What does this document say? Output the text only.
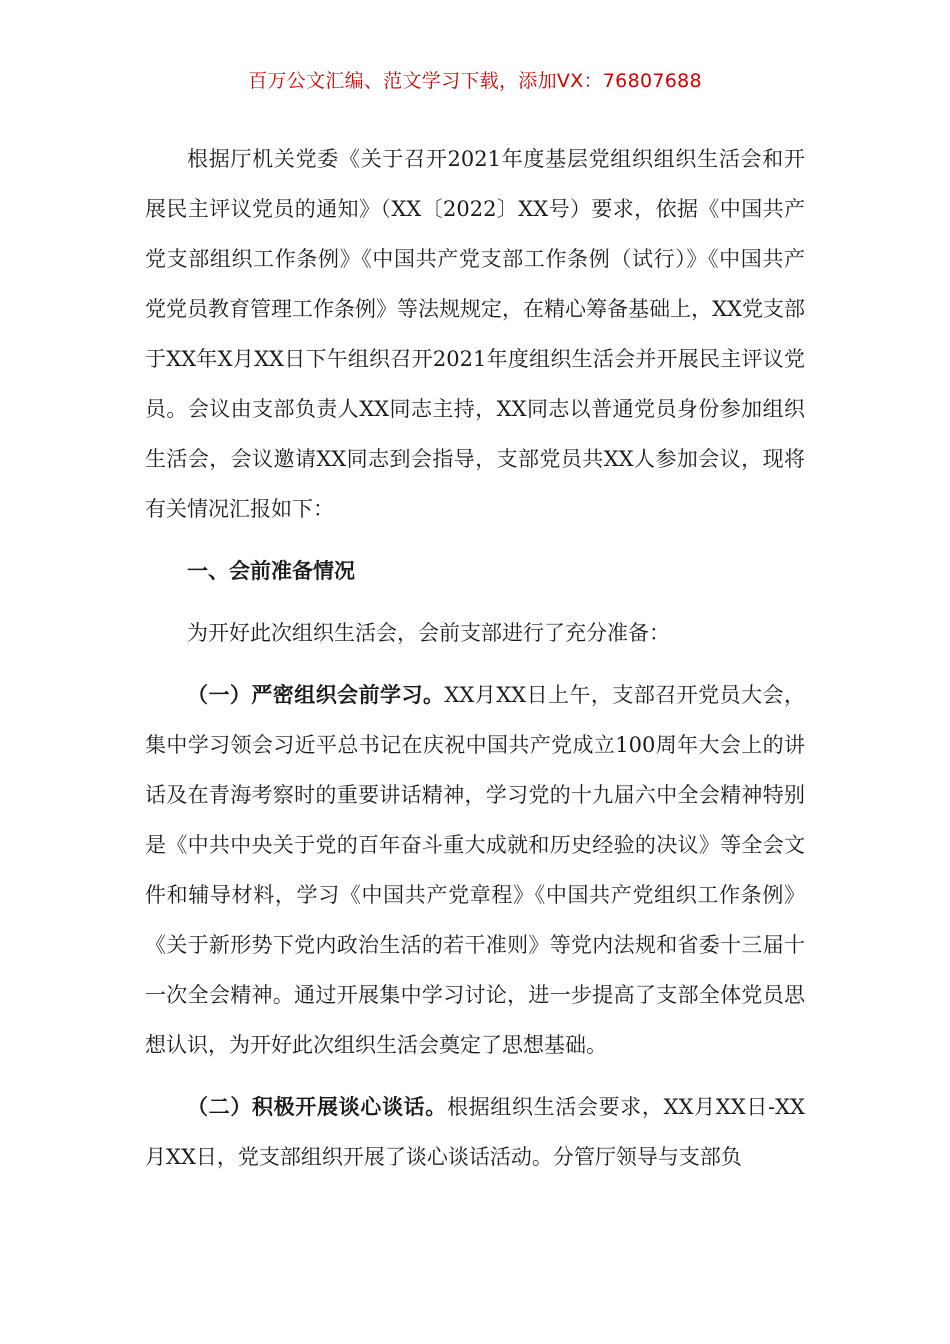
百万公文汇编、范文学习下载，添加VX：76807688

根据厅机关党委《关于召开2021年度基层党组织组织生活会和开展民主评议党员的通知》（XX〔2022〕XX号）要求，依据《中国共产党支部组织工作条例》《中国共产党支部工作条例（试行）》《中国共产党党员教育管理工作条例》等法规规定，在精心筹备基础上，XX党支部于XX年X月XX日下午组织召开2021年度组织生活会并开展民主评议党员。会议由支部负责人XX同志主持，XX同志以普通党员身份参加组织生活会，会议邀请XX同志到会指导，支部党员共XX人参加会议，现将有关情况汇报如下：

一、会前准备情况

为开好此次组织生活会，会前支部进行了充分准备：

（一）严密组织会前学习。XX月XX日上午，支部召开党员大会，集中学习领会习近平总书记在庆祝中国共产党成立100周年大会上的讲话及在青海考察时的重要讲话精神，学习党的十九届六中全会精神特别是《中共中央关于党的百年奋斗重大成就和历史经验的决议》等全会文件和辅导材料，学习《中国共产党章程》《中国共产党组织工作条例》《关于新形势下党内政治生活的若干准则》等党内法规和省委十三届十一次全会精神。通过开展集中学习讨论，进一步提高了支部全体党员思想认识，为开好此次组织生活会奠定了思想基础。

（二）积极开展谈心谈话。根据组织生活会要求，XX月XX日-XX月XX日，党支部组织开展了谈心谈话活动。分管厅领导与支部负
